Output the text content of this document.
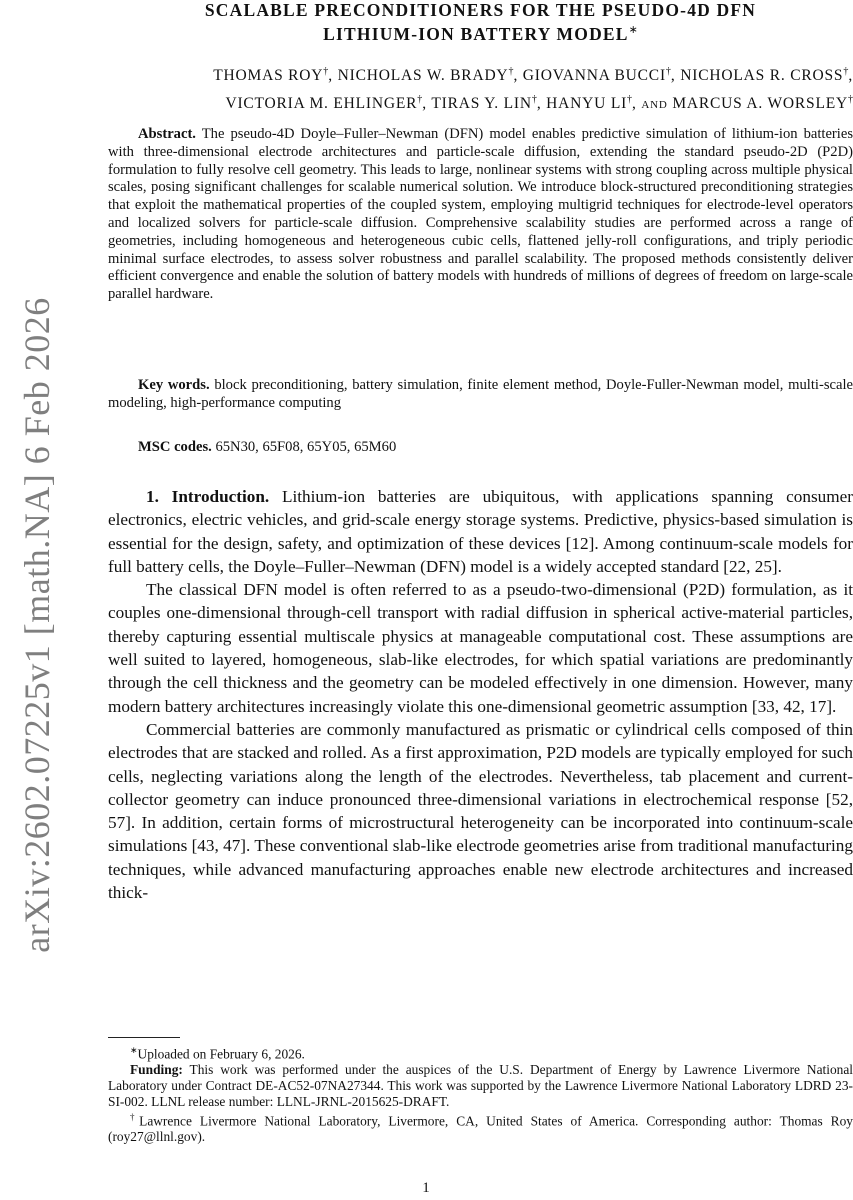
arXiv:2602.07225v1 [math.NA] 6 Feb 2026
SCALABLE PRECONDITIONERS FOR THE PSEUDO-4D DFN
LITHIUM-ION BATTERY MODEL∗
THOMAS ROY†, NICHOLAS W. BRADY†, GIOVANNA BUCCI†, NICHOLAS R. CROSS†,
VICTORIA M. EHLINGER†, TIRAS Y. LIN†, HANYU LI†, and MARCUS A. WORSLEY†
Abstract. The pseudo-4D Doyle–Fuller–Newman (DFN) model enables predictive simulation of lithium-ion batteries with three-dimensional electrode architectures and particle-scale diffusion, extending the standard pseudo-2D (P2D) formulation to fully resolve cell geometry. This leads to large, nonlinear systems with strong coupling across multiple physical scales, posing significant challenges for scalable numerical solution. We introduce block-structured preconditioning strategies that exploit the mathematical properties of the coupled system, employing multigrid techniques for electrode-level operators and localized solvers for particle-scale diffusion. Comprehensive scalability studies are performed across a range of geometries, including homogeneous and heterogeneous cubic cells, flattened jelly-roll configurations, and triply periodic minimal surface electrodes, to assess solver robustness and parallel scalability. The proposed methods consistently deliver efficient convergence and enable the solution of battery models with hundreds of millions of degrees of freedom on large-scale parallel hardware.
Key words. block preconditioning, battery simulation, finite element method, Doyle-Fuller-Newman model, multi-scale modeling, high-performance computing
MSC codes. 65N30, 65F08, 65Y05, 65M60

1. Introduction. Lithium-ion batteries are ubiquitous, with applications spanning consumer electronics, electric vehicles, and grid-scale energy storage systems. Predictive, physics-based simulation is essential for the design, safety, and optimization of these devices [12]. Among continuum-scale models for full battery cells, the Doyle–Fuller–Newman (DFN) model is a widely accepted standard [22, 25].

The classical DFN model is often referred to as a pseudo-two-dimensional (P2D) formulation, as it couples one-dimensional through-cell transport with radial diffusion in spherical active-material particles, thereby capturing essential multiscale physics at manageable computational cost. These assumptions are well suited to layered, homogeneous, slab-like electrodes, for which spatial variations are predominantly through the cell thickness and the geometry can be modeled effectively in one dimension. However, many modern battery architectures increasingly violate this one-dimensional geometric assumption [33, 42, 17].

Commercial batteries are commonly manufactured as prismatic or cylindrical cells composed of thin electrodes that are stacked and rolled. As a first approximation, P2D models are typically employed for such cells, neglecting variations along the length of the electrodes. Nevertheless, tab placement and current-collector geometry can induce pronounced three-dimensional variations in electrochemical response [52, 57]. In addition, certain forms of microstructural heterogeneity can be incorporated into continuum-scale simulations [43, 47]. These conventional slab-like electrode geometries arise from traditional manufacturing techniques, while advanced manufacturing approaches enable new electrode architectures and increased thick-

∗Uploaded on February 6, 2026.

Funding: This work was performed under the auspices of the U.S. Department of Energy by Lawrence Livermore National Laboratory under Contract DE-AC52-07NA27344. This work was supported by the Lawrence Livermore National Laboratory LDRD 23-SI-002. LLNL release number: LLNL-JRNL-2015625-DRAFT.

†Lawrence Livermore National Laboratory, Livermore, CA, United States of America. Corresponding author: Thomas Roy (roy27@llnl.gov).

1
